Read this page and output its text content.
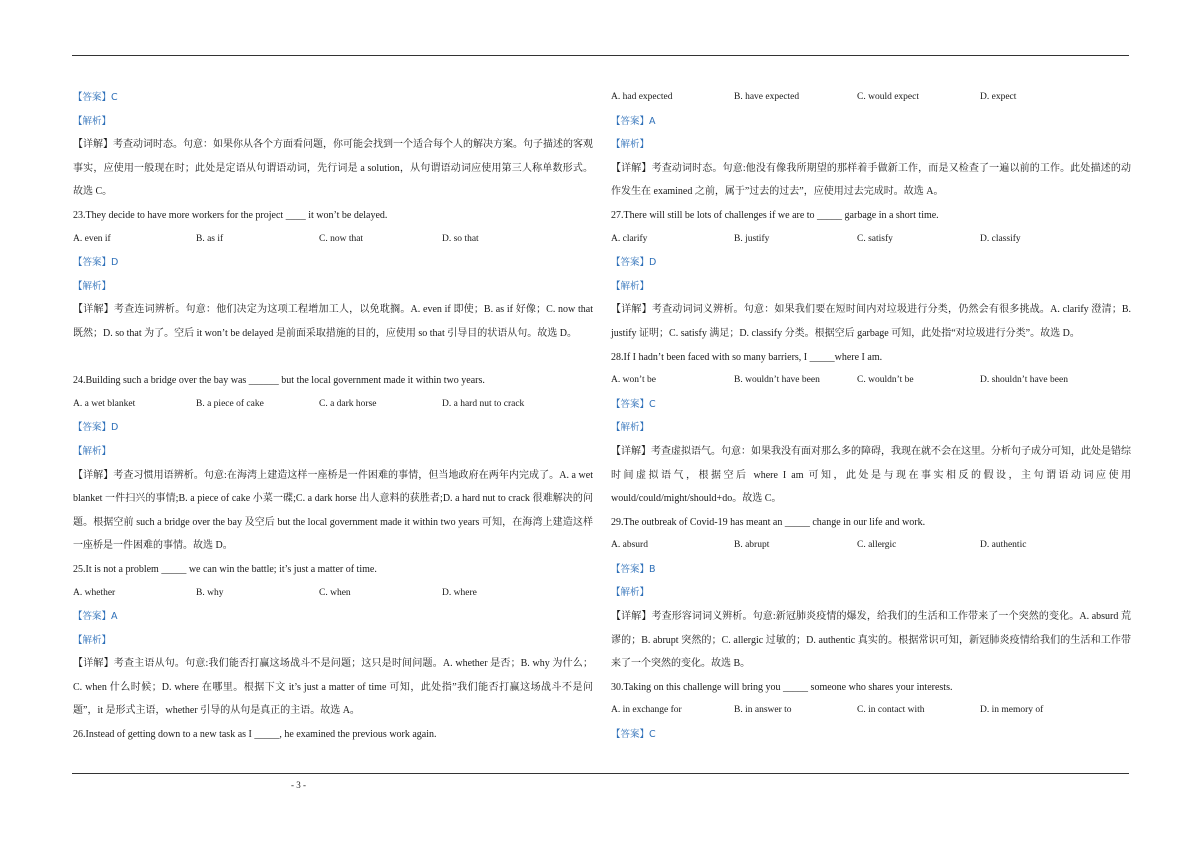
【答案】C
【解析】
【详解】考查动词时态。句意：如果你从各个方面看问题，你可能会找到一个适合每个人的解决方案。句子描述的客观事实，应使用一般现在时；此处是定语从句谓语动词，先行词是 a solution，从句谓语动词应使用第三人称单数形式。故选 C。
23.They decide to have more workers for the project ____ it won’t be delayed.
A. even if	B. as if	C. now that	D. so that
【答案】D
【解析】
【详解】考查连词辨析。句意：他们决定为这项工程增加工人，以免耽搁。A. even if 即使；B. as if 好像；C. now that 既然；D. so that 为了。空后 it won’t be delayed 是前面采取措施的目的，应使用 so that 引导目的状语从句。故选 D。
24.Building such a bridge over the bay was ______ but the local government made it within two years.
A. a wet blanket	B. a piece of cake	C. a dark horse	D. a hard nut to crack
【答案】D
【解析】
【详解】考查习惯用语辨析。句意:在海湾上建造这样一座桥是一件困难的事情，但当地政府在两年内完成了。A. a wet blanket 一件扫兴的事情;B. a piece of cake 小菜一碟;C. a dark horse 出人意料的获胜者;D. a hard nut to crack 很难解决的问题。根据空前 such a bridge over the bay 及空后 but the local government made it within two years 可知，在海湾上建造这样一座桥是一件困难的事情。故选 D。
25.It is not a problem _____ we can win the battle; it’s just a matter of time.
A. whether	B. why	C. when	D. where
【答案】A
【解析】
【详解】考查主语从句。句意:我们能否打赢这场战斗不是问题；这只是时间问题。A. whether 是否；B. why 为什么；C. when 什么时候；D. where 在哪里。根据下文 it’s just a matter of time 可知，此处指”我们能否打赢这场战斗不是问题”，it 是形式主语，whether 引导的从句是真正的主语。故选 A。
26.Instead of getting down to a new task as I _____, he examined the previous work again.
A. had expected	B. have expected	C. would expect	D. expect
【答案】A
【解析】
【详解】考查动词时态。句意:他没有像我所期望的那样着手做新工作，而是又检查了一遍以前的工作。此处描述的动作发生在 examined 之前，属于”过去的过去”，应使用过去完成时。故选 A。
27.There will still be lots of challenges if we are to _____ garbage in a short time.
A. clarify	B. justify	C. satisfy	D. classify
【答案】D
【解析】
【详解】考查动词词义辨析。句意：如果我们要在短时间内对垃圾进行分类，仍然会有很多挑战。A. clarify 澄清；B. justify 证明；C. satisfy 满足；D. classify 分类。根据空后 garbage 可知，此处指“对垃圾进行分类”。故选 D。
28.If I hadn’t been faced with so many barriers, I _____where I am.
A. won’t be	B. wouldn’t have been	C. wouldn’t be	D. shouldn’t have been
【答案】C
【解析】
【详解】考查虚拟语气。句意：如果我没有面对那么多的障碍，我现在就不会在这里。分析句子成分可知，此处是错综时间虚拟语气，根据空后 where I am 可知，此处是与现在事实相反的假设，主句谓语动词应使用 would/could/might/should+do。故选 C。
29.The outbreak of Covid-19 has meant an _____ change in our life and work.
A. absurd	B. abrupt	C. allergic	D. authentic
【答案】B
【解析】
【详解】考查形容词词义辨析。句意:新冠肺炎疫情的爆发，给我们的生活和工作带来了一个突然的变化。A. absurd 荒谬的；B. abrupt 突然的；C. allergic 过敏的；D. authentic 真实的。根据常识可知，新冠肺炎疫情给我们的生活和工作带来了一个突然的变化。故选 B。
30.Taking on this challenge will bring you _____ someone who shares your interests.
A. in exchange for	B. in answer to	C. in contact with	D. in memory of
【答案】C
- 3 -
